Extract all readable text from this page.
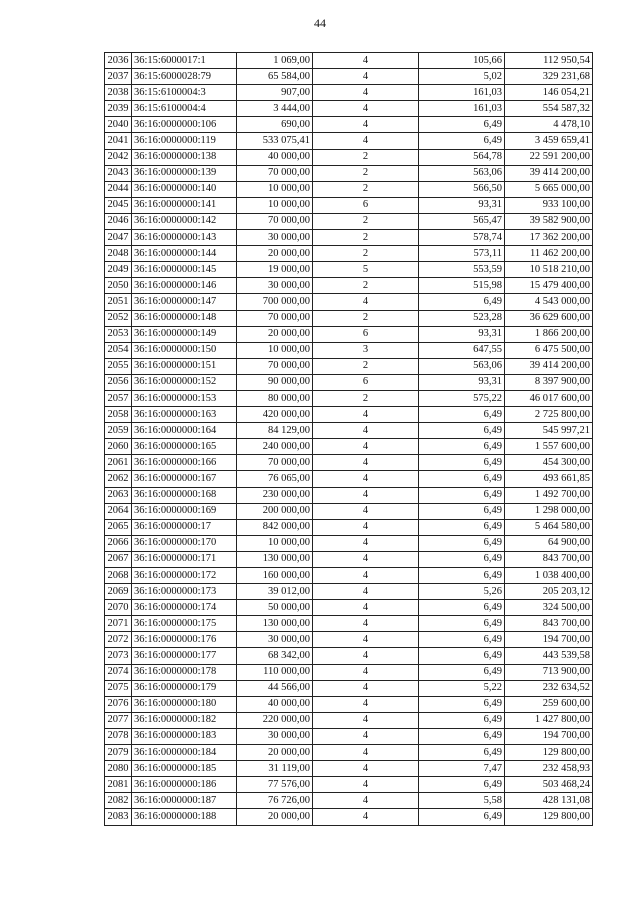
44
2036	36:15:6000017:1	1 069,00	4	105,66	112 950,54
2037	36:15:6000028:79	65 584,00	4	5,02	329 231,68
2038	36:15:6100004:3	907,00	4	161,03	146 054,21
2039	36:15:6100004:4	3 444,00	4	161,03	554 587,32
2040	36:16:0000000:106	690,00	4	6,49	4 478,10
2041	36:16:0000000:119	533 075,41	4	6,49	3 459 659,41
2042	36:16:0000000:138	40 000,00	2	564,78	22 591 200,00
2043	36:16:0000000:139	70 000,00	2	563,06	39 414 200,00
2044	36:16:0000000:140	10 000,00	2	566,50	5 665 000,00
2045	36:16:0000000:141	10 000,00	6	93,31	933 100,00
2046	36:16:0000000:142	70 000,00	2	565,47	39 582 900,00
2047	36:16:0000000:143	30 000,00	2	578,74	17 362 200,00
2048	36:16:0000000:144	20 000,00	2	573,11	11 462 200,00
2049	36:16:0000000:145	19 000,00	5	553,59	10 518 210,00
2050	36:16:0000000:146	30 000,00	2	515,98	15 479 400,00
2051	36:16:0000000:147	700 000,00	4	6,49	4 543 000,00
2052	36:16:0000000:148	70 000,00	2	523,28	36 629 600,00
2053	36:16:0000000:149	20 000,00	6	93,31	1 866 200,00
2054	36:16:0000000:150	10 000,00	3	647,55	6 475 500,00
2055	36:16:0000000:151	70 000,00	2	563,06	39 414 200,00
2056	36:16:0000000:152	90 000,00	6	93,31	8 397 900,00
2057	36:16:0000000:153	80 000,00	2	575,22	46 017 600,00
2058	36:16:0000000:163	420 000,00	4	6,49	2 725 800,00
2059	36:16:0000000:164	84 129,00	4	6,49	545 997,21
2060	36:16:0000000:165	240 000,00	4	6,49	1 557 600,00
2061	36:16:0000000:166	70 000,00	4	6,49	454 300,00
2062	36:16:0000000:167	76 065,00	4	6,49	493 661,85
2063	36:16:0000000:168	230 000,00	4	6,49	1 492 700,00
2064	36:16:0000000:169	200 000,00	4	6,49	1 298 000,00
2065	36:16:0000000:17	842 000,00	4	6,49	5 464 580,00
2066	36:16:0000000:170	10 000,00	4	6,49	64 900,00
2067	36:16:0000000:171	130 000,00	4	6,49	843 700,00
2068	36:16:0000000:172	160 000,00	4	6,49	1 038 400,00
2069	36:16:0000000:173	39 012,00	4	5,26	205 203,12
2070	36:16:0000000:174	50 000,00	4	6,49	324 500,00
2071	36:16:0000000:175	130 000,00	4	6,49	843 700,00
2072	36:16:0000000:176	30 000,00	4	6,49	194 700,00
2073	36:16:0000000:177	68 342,00	4	6,49	443 539,58
2074	36:16:0000000:178	110 000,00	4	6,49	713 900,00
2075	36:16:0000000:179	44 566,00	4	5,22	232 634,52
2076	36:16:0000000:180	40 000,00	4	6,49	259 600,00
2077	36:16:0000000:182	220 000,00	4	6,49	1 427 800,00
2078	36:16:0000000:183	30 000,00	4	6,49	194 700,00
2079	36:16:0000000:184	20 000,00	4	6,49	129 800,00
2080	36:16:0000000:185	31 119,00	4	7,47	232 458,93
2081	36:16:0000000:186	77 576,00	4	6,49	503 468,24
2082	36:16:0000000:187	76 726,00	4	5,58	428 131,08
2083	36:16:0000000:188	20 000,00	4	6,49	129 800,00
